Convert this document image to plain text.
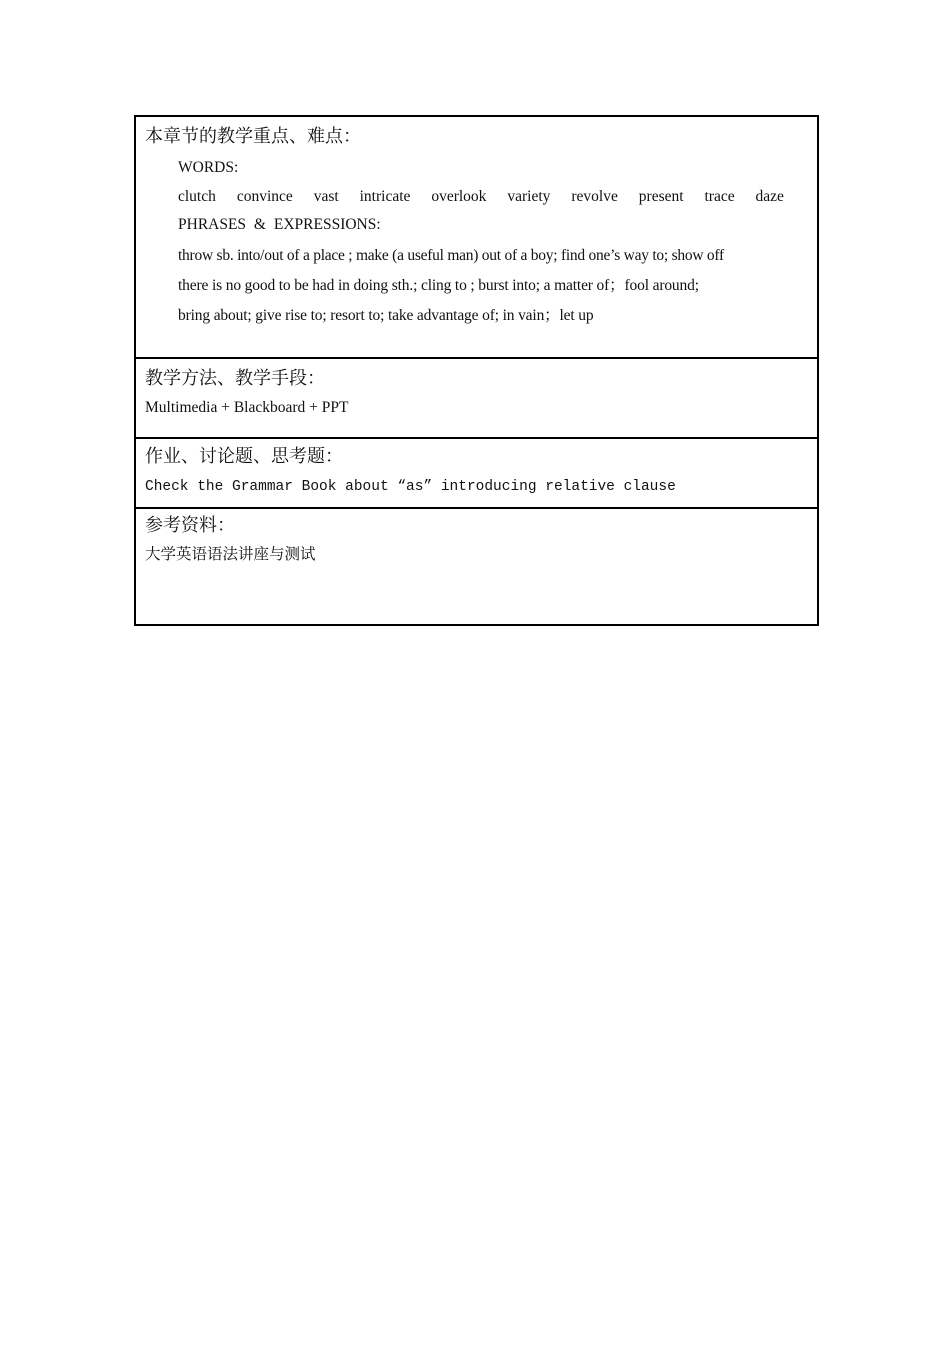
本章节的教学重点、难点：
WORDS:
clutch convince vast intricate overlook variety revolve present trace daze
PHRASES & EXPRESSIONS:
throw sb. into/out of a place ; make (a useful man) out of a boy; find one’s way to; show off
there is no good to be had in doing sth.; cling to ; burst into; a matter of；fool around;
bring about; give rise to; resort to; take advantage of; in vain；let up
教学方法、教学手段：
Multimedia + Blackboard + PPT
作业、讨论题、思考题：
Check the Grammar Book about “as” introducing relative clause
参考资料：
大学英语语法讲座与测试
